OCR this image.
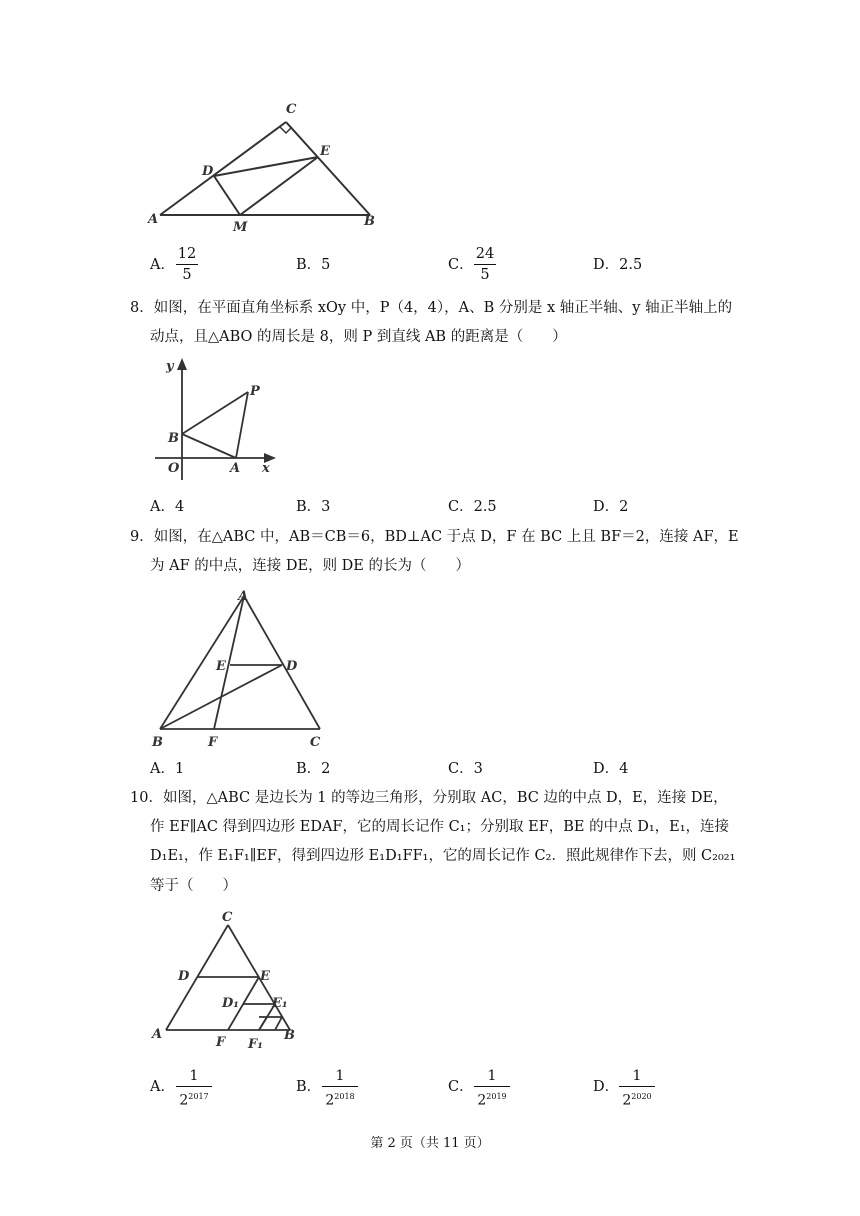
C
D
E
A
M	B
A．
12
5
B．5	C．
24
5
D．2.5
8．如图，在平面直角坐标系 xOy 中，P（4，4），A、B 分别是 x 轴正半轴、y 轴正半轴上的
动点，且△ABO 的周长是 8，则 P 到直线 AB 的距离是（　　）
y
P
B
O	A x
A．4	B．3	C．2.5	D．2
9．如图，在△ABC 中，AB＝CB＝6，BD⊥AC 于点 D，F 在 BC 上且 BF＝2，连接 AF，E
为 AF 的中点，连接 DE，则 DE 的长为（　　）
A
E	D
B	F	C
A．1	B．2	C．3	D．4
10．如图，△ABC 是边长为 1 的等边三角形，分别取 AC，BC 边的中点 D，E，连接 DE，
作 EF∥AC 得到四边形 EDAF，它的周长记作 C₁；分别取 EF，BE 的中点 D₁，E₁，连接
D₁E₁，作 E₁F₁∥EF，得到四边形 E₁D₁FF₁，它的周长记作 C₂．照此规律作下去，则 C₂₀₂₁
等于（　　）
C
D	E
D₁	E₁
A
F F₁
B
A．
1
$2^{2017}$
B．
1
$2^{2018}$
C．
1
$2^{2019}$
D．
1
$2^{2020}$
第 2 页（共 11 页）
